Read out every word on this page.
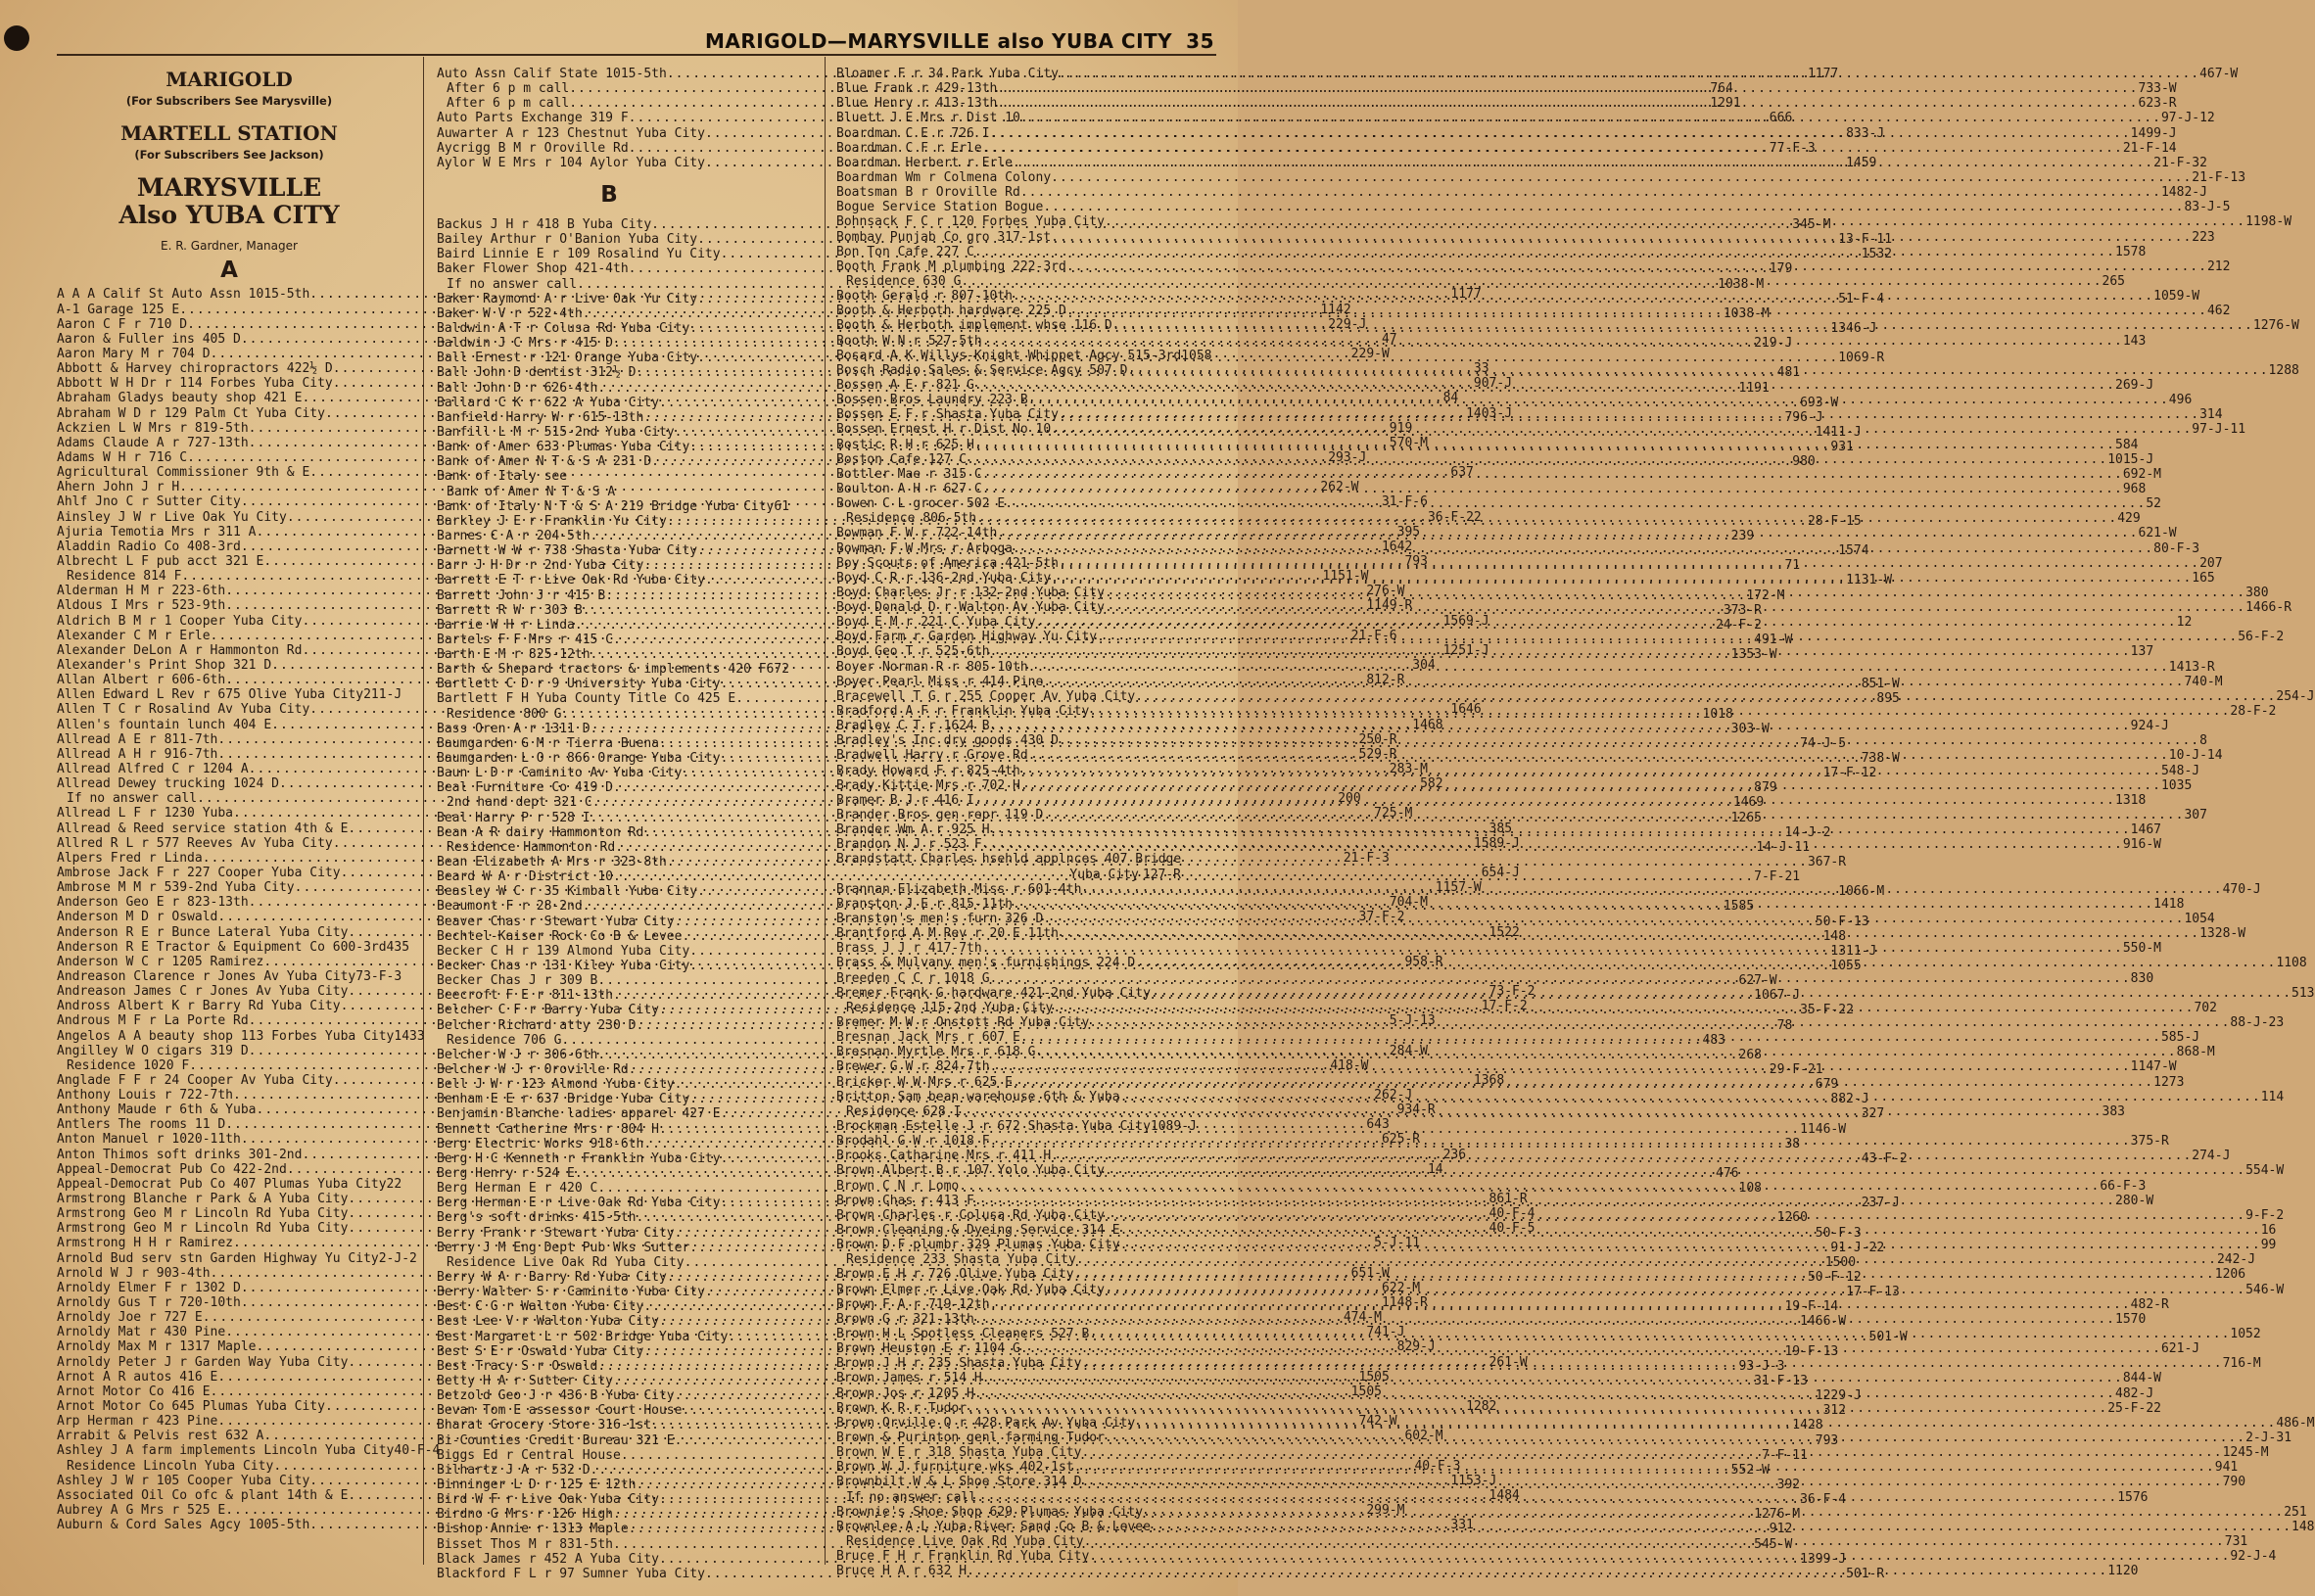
MARIGOLD—MARYSVILLE also YUBA CITY 35

MARIGOLD

(For Subscribers See Marysville)

MARTELL STATION

(For Subscribers See Jackson)

MARYSVILLE

Also YUBA CITY

E. R. Gardner, Manager

A
A A A Calif St Auto Assn 1015-5th .....	1177
A-1 Garage 125 E .....	1142
Aaron C F r 710 D .....	229-J
Aaron & Fuller ins 405 D .....	47
Aaron Mary M r 704 D .....	229-W
Abbott & Harvey chiropractors 422½ D .....	33
Abbott W H Dr r 114 Forbes Yuba City .....	907-J
Abraham Gladys beauty shop 421 E .....	84
Abraham W D r 129 Palm Ct Yuba City .....	1403-J
Ackzien L W Mrs r 819-5th .....	919
Adams Claude A r 727-13th .....	570-M
Adams W H r 716 C .....	293-J
Agricultural Commissioner 9th & E .....	637
Ahern John J r H .....	262-W
Ahlf Jno C r Sutter City .....	31-F-6
Ainsley J W r Live Oak Yu City .....	36-F-22
Ajuria Temotia Mrs r 311 A .....	395
Aladdin Radio Co 408-3rd .....	1642
Albrecht L F pub acct 321 E .....	793
Residence 814 F .....	1151-W
Alderman H M r 223-6th .....	276-W
Aldous I Mrs r 523-9th .....	1149-R
Aldrich B M r 1 Cooper Yuba City .....	1569-J
Alexander C M r Erle .....	21-F-6
Alexander DeLon A r Hammonton Rd .....	1251-J
Alexander's Print Shop 321 D .....	304
Allan Albert r 606-6th .....	812-R
Allen Edward L Rev r 675 Olive Yuba City 211-J
Allen T C r Rosalind Av Yuba City .....	1646
Allen's fountain lunch 404 E .....	1468
Allread A E r 811-7th .....	250-R
Allread A H r 916-7th .....	529-R
Allread Alfred C r 1204 A .....	283-M
Allread Dewey trucking 1024 D .....	582
If no answer call .....	200
Allread L F r 1230 Yuba .....	725-M
Allread & Reed service station 4th & E .....	385
Allred R L r 577 Reeves Av Yuba City .....	1589-J
Alpers Fred r Linda .....	21-F-3
Ambrose Jack F r 227 Cooper Yuba City .....	654-J
Ambrose M M r 539-2nd Yuba City .....	1157-W
Anderson Geo E r 823-13th .....	704-M
Anderson M D r Oswald .....	37-F-2
Anderson R E r Bunce Lateral Yuba City .....	1522
Anderson R E Tractor & Equipment Co 600-3rd 435
Anderson W C r 1205 Ramirez .....	958-R
Andreason Clarence r Jones Av Yuba City 73-F-3
Andreason James C r Jones Av Yuba City .....	73-F-2
Andross Albert K r Barry Rd Yuba City .....	17-F-2
Androus M F r La Porte Rd .....	5-J-13
Angelos A A beauty shop 113 Forbes Yuba City 1433
Angilley W O cigars 319 D .....	284-W
Residence 1020 F .....	418-W
Anglade F F r 24 Cooper Av Yuba City .....	1368
Anthony Louis r 722-7th .....	262-J
Anthony Maude r 6th & Yuba .....	934-R
Antlers The rooms 11 D .....	643
Anton Manuel r 1020-11th .....	625-R
Anton Thimos soft drinks 301-2nd .....	236
Appeal-Democrat Pub Co 422-2nd .....	14
Appeal-Democrat Pub Co 407 Plumas Yuba City 22
Armstrong Blanche r Park & A Yuba City .....	861-R
Armstrong Geo M r Lincoln Rd Yuba City .....	40-F-4
Armstrong Geo M r Lincoln Rd Yuba City .....	40-F-5
Armstrong H H r Ramirez .....	5-J-11
Arnold Bud serv stn Garden Highway Yu City 2-J-2
Arnold W J r 903-4th .....	651-W
Arnoldy Elmer F r 1302 D .....	622-M
Arnoldy Gus T r 720-10th .....	1148-R
Arnoldy Joe r 727 E .....	474-M
Arnoldy Mat r 430 Pine .....	741-J
Arnoldy Max M r 1317 Maple .....	829-J
Arnoldy Peter J r Garden Way Yuba City .....	261-W
Arnot A R autos 416 E .....	1505
Arnot Motor Co 416 E .....	1505
Arnot Motor Co 645 Plumas Yuba City .....	1282
Arp Herman r 423 Pine .....	742-W
Arrabit & Pelvis rest 632 A .....	602-M
Ashley J A farm implements Lincoln Yuba City 40-F-4
Residence Lincoln Yuba City .....	40-F-3
Ashley J W r 105 Cooper Yuba City .....	1153-J
Associated Oil Co ofc & plant 14th & E .....	1484
Aubrey A G Mrs r 525 E .....	299-M
Auburn & Cord Sales Agcy 1005-5th .....	331
Auto Assn Calif State 1015-5th .....	1177
After 6 p m call .....	764
After 6 p m call .....	1291
Auto Parts Exchange 319 F .....	666
Auwarter A r 123 Chestnut Yuba City .....	833-J
Aycrigg B M r Oroville Rd .....	77-F-3
Aylor W E Mrs r 104 Aylor Yuba City .....	1459
B
Backus J H r 418 B Yuba City .....	345-M
Bailey Arthur r O'Banion Yuba City .....	13-F-11
Baird Linnie E r 109 Rosalind Yu City .....	1532
Baker Flower Shop 421-4th .....	179
If no answer call .....	1038-M
Baker Raymond A r Live Oak Yu City .....	51-F-4
Baker W V r 522-4th .....	1038-M
Baldwin A T r Colusa Rd Yuba City .....	1346-J
Baldwin J C Mrs r 415 D .....	219-J
Ball Ernest r 121 Orange Yuba City .....	1069-R
Ball John D dentist 312½ D .....	481
Ball John D r 626-4th .....	1191
Ballard C K r 622 A Yuba City .....	693-W
Banfield Harry W r 615-13th .....	796-J
Banfill L M r 515-2nd Yuba City .....	1411-J
Bank of Amer 633 Plumas Yuba City .....	931
Bank of Amer N T & S A 231 D .....	980
Bank of Italy see
Bank of Amer N T & S A
Bank of Italy N T & S A 219 Bridge Yuba City 61
Barkley J E r Franklin Yu City .....	28-F-15
Barnes C A r 204-5th .....	239
Barnett W W r 738 Shasta Yuba City .....	1574
Barr J H Dr r 2nd Yuba City .....	71
Barrett E T r Live Oak Rd Yuba City .....	1131-W
Barrett John J r 415 B .....	172-M
Barrett R W r 303 B .....	373-R
Barrie W H r Linda .....	24-F-2
Bartels F F Mrs r 415 C .....	491-W
Barth E M r 825-12th .....	1353-W
Barth & Shepard tractors & implements 420 F 672
Bartlett C D r 9 University Yuba City .....	851-W
Bartlett F H Yuba County Title Co 425 E .....	895
Residence 800 G .....	1018
Bass Oren A r 1311 D .....	303-W
Baumgarden G M r Tierra Buena .....	74-J-5
Baumgarden L O r 866 Orange Yuba City .....	738-W
Baun L D r Caminito Av Yuba City .....	17-F-12
Beal Furniture Co 419 D .....	879
2nd hand dept 321 C .....	1469
Beal Harry P r 528 I .....	1265
Bean A R dairy Hammonton Rd .....	14-J-2
Residence Hammonton Rd .....	14-J-11
Bean Elizabeth A Mrs r 323-8th .....	367-R
Beard W A r District 10 .....	7-F-21
Beasley W C r 35 Kimball Yuba City .....	1066-M
Beaumont F r 28-2nd .....	1585
Beaver Chas r Stewart Yuba City .....	50-F-13
Bechtel-Kaiser Rock Co B & Levee .....	148
Becker C H r 139 Almond Yuba City .....	1311-J
Becker Chas r 131 Kiley Yuba City .....	1055
Becker Chas J r 309 B .....	627-W
Beecroft F E r 811-13th .....	1067-J
Belcher C F r Barry Yuba City .....	35-F-22
Belcher Richard atty 230 D .....	78
Residence 706 G .....	483
Belcher W J r 306-6th .....	268
Belcher W J r Oroville Rd .....	29-F-21
Bell J W r 123 Almond Yuba City .....	679
Benham E E r 637 Bridge Yuba City .....	882-J
Benjamin Blanche ladies apparel 427 E .....	327
Bennett Catherine Mrs r 804 H .....	1146-W
Berg Electric Works 918-6th .....	38
Berg H C Kenneth r Franklin Yuba City .....	43-F-2
Berg Henry r 524 E .....	476
Berg Herman E r 420 C .....	108
Berg Herman E r Live Oak Rd Yuba City .....	237-J
Berg's soft drinks 415-5th .....	1260
Berry Frank r Stewart Yuba City .....	50-F-3
Berry J M Eng Dept Pub Wks Sutter .....	91-J-22
Residence Live Oak Rd Yuba City .....	1500
Berry W A r Barry Rd Yuba City .....	50-F-12
Berry Walter S r Caminito Yuba City .....	17-F-13
Best C G r Walton Yuba City .....	19-F-14
Best Lee V r Walton Yuba City .....	1466-W
Best Margaret L r 502 Bridge Yuba City .....	501-W
Best S E r Oswald Yuba City .....	19-F-13
Best Tracy S r Oswald .....	93-J-3
Betty H A r Sutter City .....	31-F-13
Betzold Geo J r 436 B Yuba City .....	1229-J
Bevan Tom E assessor Court House .....	312
Bharat Grocery Store 316-1st .....	1428
Bi-Counties Credit Bureau 321 E .....	793
Biggs Ed r Central House .....	7-F-11
Bilhartz J A r 532 D .....	552-W
Binninger L D r 125 E 12th .....	392
Bird W F r Live Oak Yuba City .....	36-F-4
Birdno G Mrs r 126 High .....	1276-M
Bishop Annie r 1313 Maple .....	912
Bisset Thos M r 831-5th .....	545-W
Black James r 452 A Yuba City .....	1399-J
Blackford F L r 97 Sumner Yuba City .....	501-R
Bloamer F r 34 Park Yuba City .....	467-W
Blue Frank r 429-13th .....	733-W
Blue Henry r 413-13th .....	623-R
Bluett J E Mrs r Dist 10 .....	97-J-12
Boardman C E r 726 I .....	1499-J
Boardman C F r Erle .....	21-F-14
Boardman Herbert r Erle .....	21-F-32
Boardman Wm r Colmena Colony .....	21-F-13
Boatsman B r Oroville Rd .....	1482-J
Bogue Service Station Bogue .....	83-J-5
Bohnsack F C r 120 Forbes Yuba City .....	1198-W
Bombay Punjab Co gro 317-1st .....	223
Bon Ton Cafe 227 C .....	1578
Booth Frank M plumbing 222-3rd .....	212
Residence 630 G .....	265
Booth Gerald r 807-10th .....	1059-W
Booth & Herboth hardware 225 D .....	462
Booth & Herboth implement whse 116 D .....	1276-W
Booth W N r 527-5th .....	143
Bosard A K Willys-Knight Whippet Agcy 515-3rd 1058
Bosch Radio Sales & Service Agcy 507 D .....	1288
Bossen A E r 821 G .....	269-J
Bossen Bros Laundry 223 B .....	496
Bossen E F r Shasta Yuba City .....	314
Bossen Ernest H r Dist No 10 .....	97-J-11
Bostic R H r 625 H .....	584
Boston Cafe 127 C .....	1015-J
Bottler Mae r 315 C .....	692-M
Boulton A H r 627 C .....	968
Bowen C L grocer 502 E .....	52
Residence 806-5th .....	429
Bowman F W r 722-14th .....	621-W
Bowman F W Mrs r Arboga .....	80-F-3
Boy Scouts of America 421-5th .....	207
Boyd C R r 136-2nd Yuba City .....	165
Boyd Charles Jr r 132-2nd Yuba City .....	380
Boyd Donald D r Walton Av Yuba City .....	1466-R
Boyd E M r 221 C Yuba City .....	12
Boyd Farm r Garden Highway Yu City .....	56-F-2
Boyd Geo T r 525-6th .....	137
Boyer Norman R r 805-10th .....	1413-R
Boyer Pearl Miss r 414 Pine .....	740-M
Bracewell T G r 255 Cooper Av Yuba City .....	254-J
Bradford A F r Franklin Yuba City .....	28-F-2
Bradley C T r 1624 B .....	924-J
Bradley's Inc dry goods 430 D .....	8
Bradwell Harry r Grove Rd .....	10-J-14
Brady Howard F r 825-4th .....	548-J
Brady Kittie Mrs r 702 H .....	1035
Bramer B J r 416 I .....	1318
Brander Bros gen repr 119 D .....	307
Brander Wm A r 925 H .....	1467
Brandon N J r 523 F .....	916-W
Brandstatt Charles hsehld applnces 407 Bridge
Yuba City 127-R
Brannan Elizabeth Miss r 601-4th .....	470-J
Branston J E r 815-11th .....	1418
Branston's men's furn 326 D .....	1054
Brantford A M Rev r 20 E 11th .....	1328-W
Brass J J r 417-7th .....	550-M
Brass & Mulvany men's furnishings 224 D .....	1108
Breeden C C r 1018 G .....	830
Bremer Frank G hardware 421-2nd Yuba City .....	513
Residence 115-2nd Yuba City .....	702
Bremer M W r Onstott Rd Yuba City .....	88-J-23
Bresnan Jack Mrs r 607 E .....	585-J
Bresnan Myrtle Mrs r 618 G .....	868-M
Brewer G W r 824-7th .....	1147-W
Bricker W W Mrs r 625 E .....	1273
Britton Sam bean warehouse 6th & Yuba .....	114
Residence 628 I .....	383
Brockman Estelle J r 672 Shasta Yuba City 1089-J
Brodahl G W r 1018 F .....	375-R
Brooks Catharine Mrs r 411 H .....	274-J
Brown Albert B r 107 Yolo Yuba City .....	554-W
Brown C N r Lomo .....	66-F-3
Brown Chas r 413 F .....	280-W
Brown Charles r Colusa Rd Yuba City .....	9-F-2
Brown Cleaning & Dyeing Service 314 E .....	16
Brown D F plumbr 329 Plumas Yuba City .....	99
Residence 233 Shasta Yuba City .....	242-J
Brown E H r 726 Olive Yuba City .....	1206
Brown Elmer r Live Oak Rd Yuba City .....	546-W
Brown F A r 719-12th .....	482-R
Brown G r 321-13th .....	1570
Brown H L Spotless Cleaners 527 B .....	1052
Brown Heuston E r 1104 G .....	621-J
Brown J H r 235 Shasta Yuba City .....	716-M
Brown James r 514 H .....	844-W
Brown Jos r 1205 H .....	482-J
Brown K R r Tudor .....	25-F-22
Brown Orville O r 428 Park Av Yuba City .....	486-M
Brown & Purinton genl farming Tudor .....	2-J-31
Brown W E r 318 Shasta Yuba City .....	1245-M
Brown W J furniture wks 402-1st .....	941
Brownbilt W & L Shoe Store 314 D .....	790
If no answer call .....	1576
Brownie's Shoe Shop 629 Plumas Yuba City .....	251
Brownlee A L Yuba River Sand Co B & Levee .....	148
Residence Live Oak Rd Yuba City .....	731
Bruce F H r Franklin Rd Yuba City .....	92-J-4
Bruce H A r 632 H .....	1120
